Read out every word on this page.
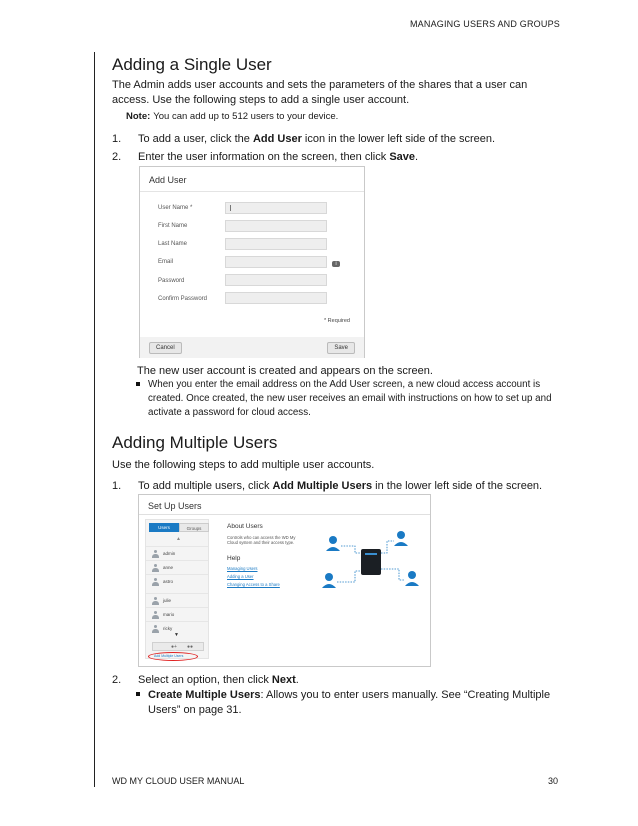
MANAGING USERS AND GROUPS
Adding a Single User
The Admin adds user accounts and sets the parameters of the shares that a user can access. Use the following steps to add a single user account.
Note: You can add up to 512 users to your device.
1. To add a user, click the Add User icon in the lower left side of the screen.
2. Enter the user information on the screen, then click Save.
Add User
User Name *
First Name
Last Name
Email	i
Password
Confirm Password
* Required
Cancel	Save
The new user account is created and appears on the screen.
When you enter the email address on the Add User screen, a new cloud access account is created. Once created, the new user receives an email with instructions on how to set up and activate a password for cloud access.
Adding Multiple Users
Use the following steps to add multiple user accounts.
1. To add multiple users, click Add Multiple Users in the lower left side of the screen.
Set Up Users
Users	Groups
▲
admin
anne
astro
julie
mario
ricky
▼
●+ ●●
Add Multiple Users
About Users
Controls who can access the WD My Cloud system and their access type.
Help
Managing Users
Adding a User
Changing Access to a Share
2. Select an option, then click Next.
Create Multiple Users: Allows you to enter users manually. See “Creating Multiple Users” on page 31.
WD MY CLOUD USER MANUAL	30
